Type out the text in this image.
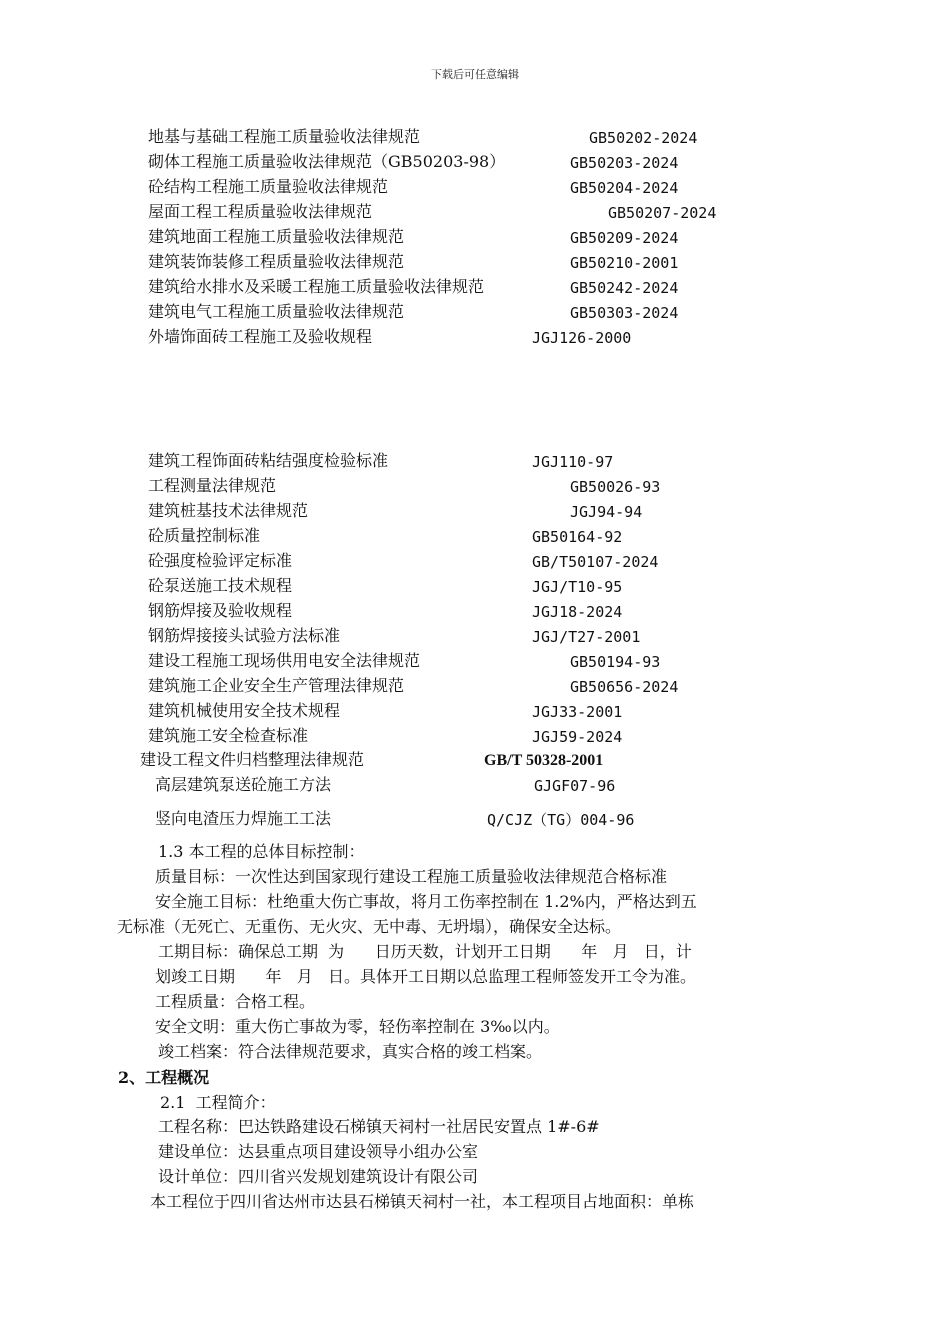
下载后可任意编辑
地基与基础工程施工质量验收法律规范	GB50202-2024
砌体工程施工质量验收法律规范（GB50203-98）	GB50203-2024
砼结构工程施工质量验收法律规范	GB50204-2024
屋面工程工程质量验收法律规范	GB50207-2024
建筑地面工程施工质量验收法律规范	GB50209-2024
建筑装饰装修工程质量验收法律规范	GB50210-2001
建筑给水排水及采暖工程施工质量验收法律规范	GB50242-2024
建筑电气工程施工质量验收法律规范	GB50303-2024
外墙饰面砖工程施工及验收规程	JGJ126-2000
建筑工程饰面砖粘结强度检验标准	JGJ110-97
工程测量法律规范	GB50026-93
建筑桩基技术法律规范	JGJ94-94
砼质量控制标准	GB50164-92
砼强度检验评定标准	GB/T50107-2024
砼泵送施工技术规程	JGJ/T10-95
钢筋焊接及验收规程	JGJ18-2024
钢筋焊接接头试验方法标准	JGJ/T27-2001
建设工程施工现场供用电安全法律规范	GB50194-93
建筑施工企业安全生产管理法律规范	GB50656-2024
建筑机械使用安全技术规程	JGJ33-2001
建筑施工安全检查标准	JGJ59-2024
建设工程文件归档整理法律规范	GB/T 50328-2001
高层建筑泵送砼施工方法	GJGF07-96
竖向电渣压力焊施工工法	Q/CJZ（TG）004-96
1.3 本工程的总体目标控制：
质量目标：一次性达到国家现行建设工程施工质量验收法律规范合格标准
安全施工目标：杜绝重大伤亡事故，将月工伤率控制在 1.2%内，严格达到五
无标准（无死亡、无重伤、无火灾、无中毒、无坍塌），确保安全达标。
工期目标：确保总工期  为      日历天数，计划开工日期      年   月   日，计
划竣工日期      年   月   日。具体开工日期以总监理工程师签发开工令为准。
工程质量：合格工程。
安全文明：重大伤亡事故为零，轻伤率控制在 3‰以内。
竣工档案：符合法律规范要求，真实合格的竣工档案。
2、工程概况
2.1  工程简介：
工程名称：巴达铁路建设石梯镇天祠村一社居民安置点 1#-6#
建设单位：达县重点项目建设领导小组办公室
设计单位：四川省兴发规划建筑设计有限公司
本工程位于四川省达州市达县石梯镇天祠村一社，本工程项目占地面积：单栋
